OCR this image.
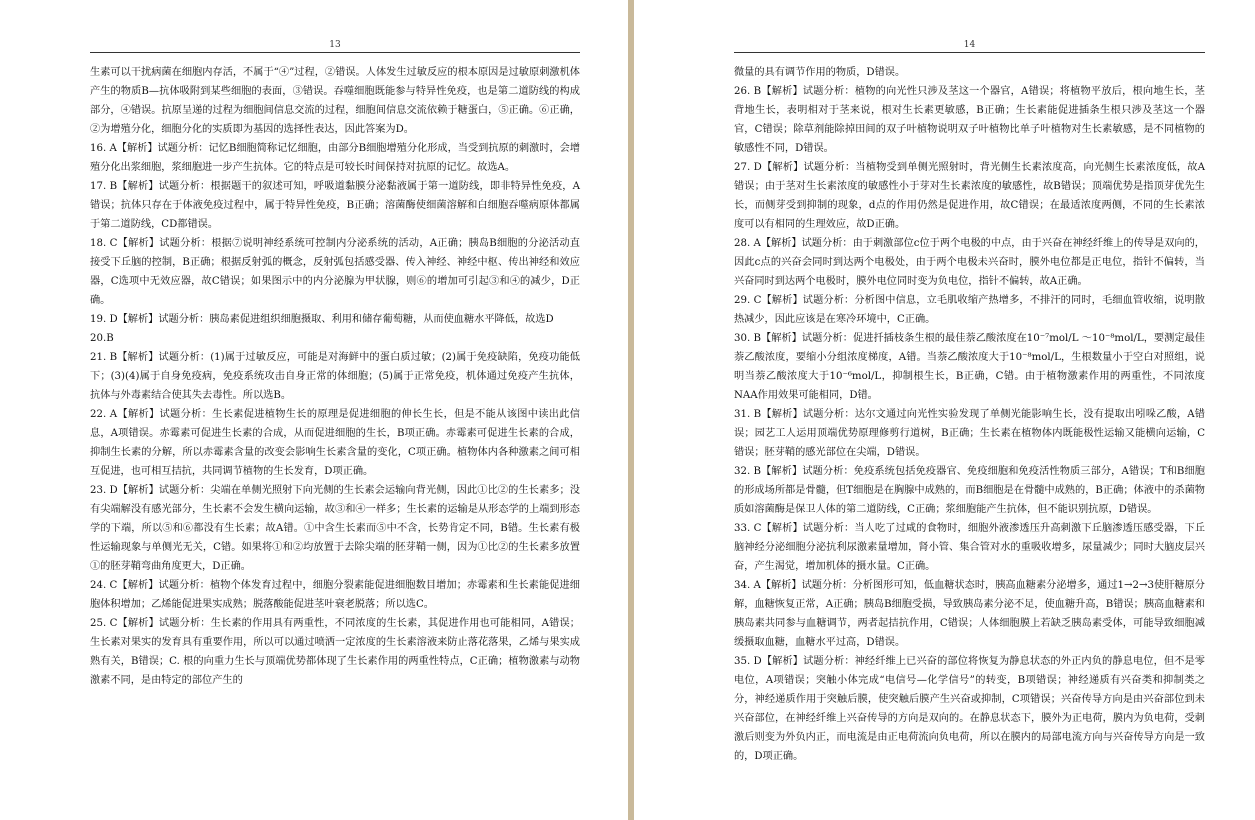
13

生素可以干扰病菌在细胞内存活，不属于“④”过程，②错误。人体发生过敏反应的根本原因是过敏原刺激机体产生的物质B—抗体吸附到某些细胞的表面，③错误。吞噬细胞既能参与特异性免疫，也是第二道防线的构成部分，④错误。抗原呈递的过程为细胞间信息交流的过程，细胞间信息交流依赖于糖蛋白，⑤正确。⑥正确，②为增殖分化，细胞分化的实质即为基因的选择性表达，因此答案为D。

16. A【解析】试题分析：记忆B细胞简称记忆细胞，由部分B细胞增殖分化形成，当受到抗原的刺激时，会增殖分化出浆细胞，浆细胞进一步产生抗体。它的特点是可较长时间保持对抗原的记忆。故选A。

17. B【解析】试题分析：根据题干的叙述可知，呼吸道黏膜分泌黏液属于第一道防线，即非特异性免疫，A错误；抗体只存在于体液免疫过程中，属于特异性免疫，B正确；溶菌酶使细菌溶解和白细胞吞噬病原体都属于第二道防线，CD都错误。

18. C【解析】试题分析：根据⑦说明神经系统可控制内分泌系统的活动，A正确；胰岛B细胞的分泌活动直接受下丘脑的控制，B正确；根据反射弧的概念，反射弧包括感受器、传入神经、神经中枢、传出神经和效应器，C选项中无效应器，故C错误；如果图示中的内分泌腺为甲状腺，则⑥的增加可引起③和④的减少，D正确。

19. D【解析】试题分析：胰岛素促进组织细胞摄取、利用和储存葡萄糖，从而使血糖水平降低，故选D

20.B

21. B【解析】试题分析：(1)属于过敏反应，可能是对海鲜中的蛋白质过敏；(2)属于免疫缺陷，免疫功能低下；(3)(4)属于自身免疫病，免疫系统攻击自身正常的体细胞；(5)属于正常免疫，机体通过免疫产生抗体，抗体与外毒素结合使其失去毒性。所以选B。

22. A【解析】试题分析：生长素促进植物生长的原理是促进细胞的伸长生长，但是不能从该图中读出此信息，A项错误。赤霉素可促进生长素的合成，从而促进细胞的生长，B项正确。赤霉素可促进生长素的合成，抑制生长素的分解，所以赤霉素含量的改变会影响生长素含量的变化，C项正确。植物体内各种激素之间可相互促进，也可相互拮抗，共同调节植物的生长发育，D项正确。

23. D【解析】试题分析：尖端在单侧光照射下向光侧的生长素会运输向背光侧，因此①比②的生长素多；没有尖端解没有感光部分，生长素不会发生横向运输，故③和④一样多；生长素的运输是从形态学的上端到形态学的下端，所以⑤和⑥都没有生长素；故A错。①中含生长素而⑤中不含，长势肯定不同，B错。生长素有极性运输现象与单侧光无关，C错。如果将①和②均放置于去除尖端的胚芽鞘一侧，因为①比②的生长素多放置①的胚芽鞘弯曲角度更大，D正确。

24. C【解析】试题分析：植物个体发育过程中，细胞分裂素能促进细胞数目增加；赤霉素和生长素能促进细胞体积增加；乙烯能促进果实成熟；脱落酸能促进茎叶衰老脱落；所以选C。

25. C【解析】试题分析：生长素的作用具有两重性，不同浓度的生长素，其促进作用也可能相同，A错误；生长素对果实的发育具有重要作用，所以可以通过喷洒一定浓度的生长素溶液来防止落花落果，乙烯与果实成熟有关，B错误；C. 根的向重力生长与顶端优势都体现了生长素作用的两重性特点，C正确；植物激素与动物激素不同，是由特定的部位产生的

14

微量的具有调节作用的物质，D错误。

26. B【解析】试题分析：植物的向光性只涉及茎这一个器官，A错误；将植物平放后，根向地生长，茎背地生长，表明相对于茎来说，根对生长素更敏感，B正确；生长素能促进插条生根只涉及茎这一个器官，C错误；除草剂能除掉田间的双子叶植物说明双子叶植物比单子叶植物对生长素敏感，是不同植物的敏感性不同，D错误。

27. D【解析】试题分析：当植物受到单侧光照射时，背光侧生长素浓度高，向光侧生长素浓度低，故A错误；由于茎对生长素浓度的敏感性小于芽对生长素浓度的敏感性，故B错误；顶端优势是指顶芽优先生长，而侧芽受到抑制的现象，d点的作用仍然是促进作用，故C错误；在最适浓度两侧，不同的生长素浓度可以有相同的生理效应，故D正确。

28. A【解析】试题分析：由于刺激部位c位于两个电极的中点，由于兴奋在神经纤维上的传导是双向的，因此c点的兴奋会同时到达两个电极处，由于两个电极未兴奋时，膜外电位都是正电位，指针不偏转，当兴奋同时到达两个电极时，膜外电位同时变为负电位，指针不偏转，故A正确。

29. C【解析】试题分析：分析图中信息，立毛肌收缩产热增多，不排汗的同时，毛细血管收缩，说明散热减少，因此应该是在寒冷环境中，C正确。

30. B【解析】试题分析：促进扦插枝条生根的最佳萘乙酸浓度在10⁻⁷mol/L ～10⁻⁸mol/L，要测定最佳萘乙酸浓度，要缩小分组浓度梯度，A错。当萘乙酸浓度大于10⁻⁸mol/L，生根数量小于空白对照组，说明当萘乙酸浓度大于10⁻⁶mol/L，抑制根生长，B正确，C错。由于植物激素作用的两重性，不同浓度NAA作用效果可能相同，D错。

31. B【解析】试题分析：达尔文通过向光性实验发现了单侧光能影响生长，没有提取出吲哚乙酸，A错误；园艺工人运用顶端优势原理修剪行道树，B正确；生长素在植物体内既能极性运输又能横向运输，C错误；胚芽鞘的感光部位在尖端，D错误。

32. B【解析】试题分析：免疫系统包括免疫器官、免疫细胞和免疫活性物质三部分，A错误；T和B细胞的形成场所都是骨髓，但T细胞是在胸腺中成熟的，而B细胞是在骨髓中成熟的，B正确；体液中的杀菌物质如溶菌酶是保卫人体的第二道防线，C正确；浆细胞能产生抗体，但不能识别抗原，D错误。

33. C【解析】试题分析：当人吃了过咸的食物时，细胞外液渗透压升高刺激下丘脑渗透压感受器，下丘脑神经分泌细胞分泌抗利尿激素量增加，肾小管、集合管对水的重吸收增多，尿量减少；同时大脑皮层兴奋，产生渴觉，增加机体的摄水量。C正确。

34. A【解析】试题分析：分析图形可知，低血糖状态时，胰高血糖素分泌增多，通过1→2→3使肝糖原分解，血糖恢复正常，A正确；胰岛B细胞受损，导致胰岛素分泌不足，使血糖升高，B错误；胰高血糖素和胰岛素共同参与血糖调节，两者起拮抗作用，C错误；人体细胞膜上若缺乏胰岛素受体，可能导致细胞减缓摄取血糖，血糖水平过高，D错误。

35. D【解析】试题分析：神经纤维上已兴奋的部位将恢复为静息状态的外正内负的静息电位，但不是零电位，A项错误；突触小体完成“电信号—化学信号”的转变，B项错误；神经递质有兴奋类和抑制类之分，神经递质作用于突触后膜，使突触后膜产生兴奋或抑制，C项错误；兴奋传导方向是由兴奋部位到未兴奋部位，在神经纤维上兴奋传导的方向是双向的。在静息状态下，膜外为正电荷，膜内为负电荷，受刺激后则变为外负内正，而电流是由正电荷流向负电荷，所以在膜内的局部电流方向与兴奋传导方向是一致的，D项正确。
